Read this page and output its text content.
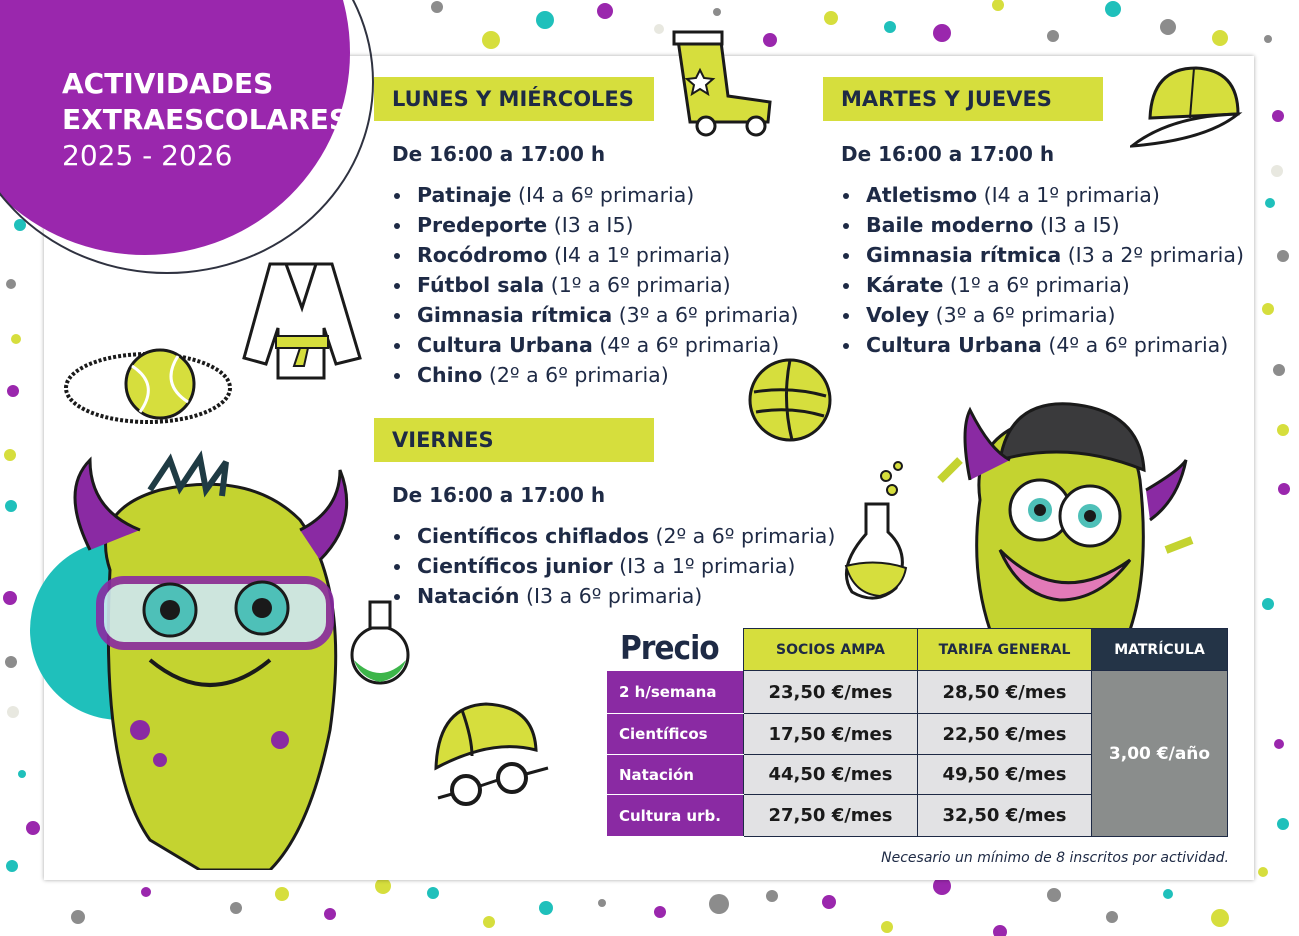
ACTIVIDADES
EXTRAESCOLARES
2025 - 2026
LUNES Y MIÉRCOLES
De 16:00 a 17:00 h
Patinaje (I4 a 6º primaria)
Predeporte (I3 a I5)
Rocódromo (I4 a 1º primaria)
Fútbol sala (1º a 6º primaria)
Gimnasia rítmica (3º a 6º primaria)
Cultura Urbana (4º a 6º primaria)
Chino (2º a 6º primaria)
MARTES Y JUEVES
De 16:00 a 17:00 h
Atletismo (I4 a 1º primaria)
Baile moderno (I3 a I5)
Gimnasia rítmica (I3 a 2º primaria)
Kárate (1º a 6º primaria)
Voley (3º a 6º primaria)
Cultura Urbana (4º a 6º primaria)
VIERNES
De 16:00 a 17:00 h
Científicos chiflados (2º a 6º primaria)
Científicos junior (I3 a 1º primaria)
Natación (I3 a 6º primaria)
	SOCIOS AMPA	TARIFA GENERAL	MATRÍCULA
2 h/semana	23,50 €/mes	28,50 €/mes	3,00 €/año
Científicos	17,50 €/mes	22,50 €/mes	
Natación	44,50 €/mes	49,50 €/mes	
Cultura urb.	27,50 €/mes	32,50 €/mes	
Precio
Necesario un mínimo de 8 inscritos por actividad.
